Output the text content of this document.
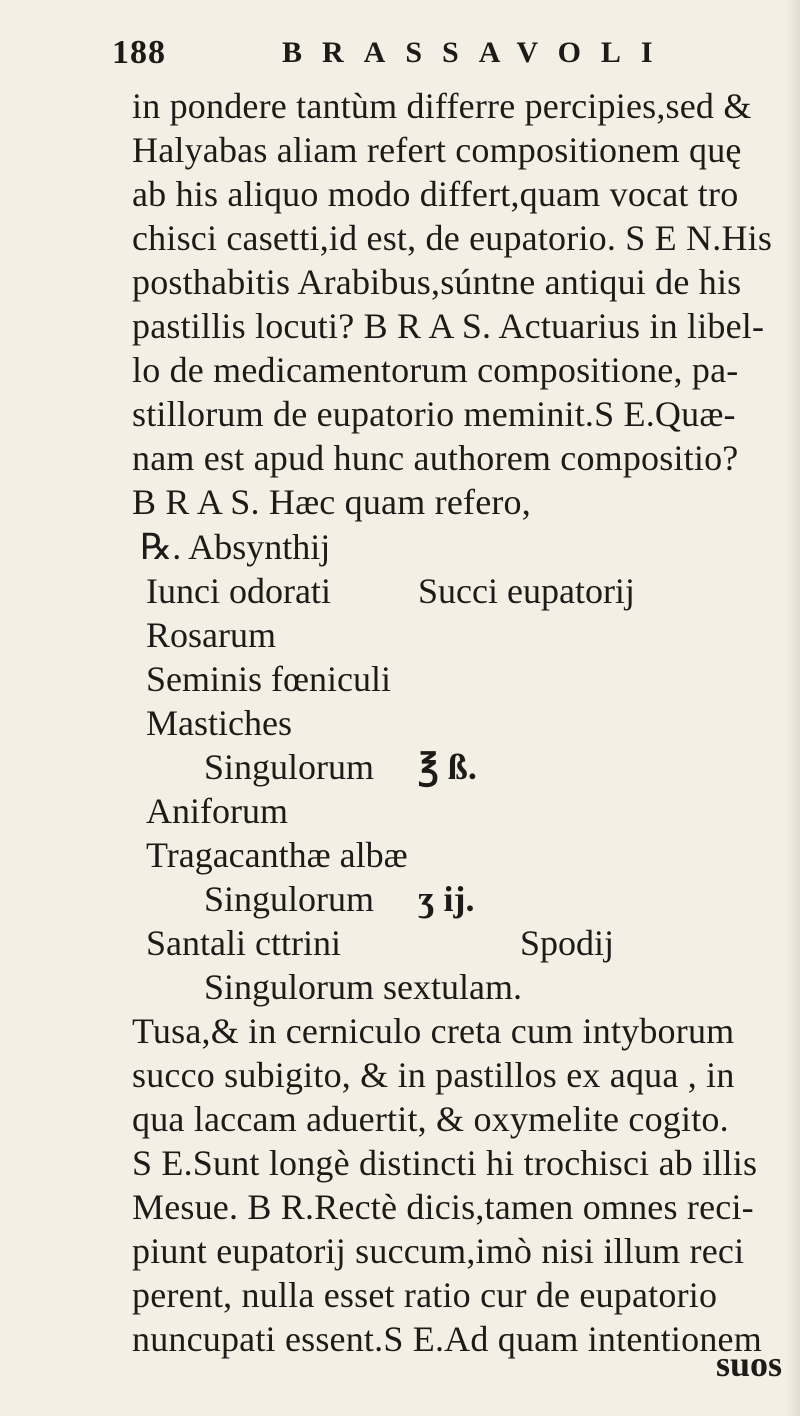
188	BRASSAVOLI
in pondere tantùm differre percipies,sed &
Halyabas aliam refert compositionem quę
ab his aliquo modo differt,quam vocat tro
chisci casetti,id est, de eupatorio. S E N.His
posthabitis Arabibus,súntne antiqui de his
pastillis locuti? B R A S. Actuarius in libel-
lo de medicamentorum compositione, pa-
stillorum de eupatorio meminit.S E.Quæ-
nam est apud hunc authorem compositio?
B R A S. Hæc quam refero,
℞. Absynthij
Iunci odorati Succi eupatorij
Rosarum
Seminis fœniculi
Mastiches
Singulorum ℥ ß.
Aniforum
Tragacanthæ albæ
Singulorum ʒ ij.
Santali cttrini	Spodij
Singulorum sextulam.
Tusa,& in cerniculo creta cum intyborum
succo subigito, & in pastillos ex aqua , in
qua laccam aduertit, & oxymelite cogito.
S E.Sunt longè distincti hi trochisci ab illis
Mesue. B R.Rectè dicis,tamen omnes reci-
piunt eupatorij succum,imò nisi illum reci
perent, nulla esset ratio cur de eupatorio
nuncupati essent.S E.Ad quam intentionem
suos
